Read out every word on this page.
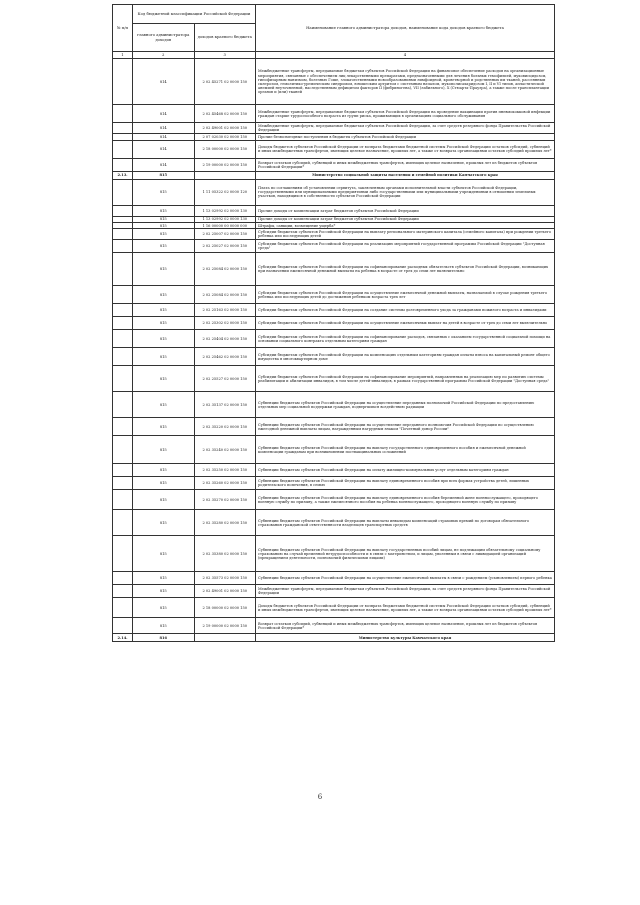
№ п/п	Код бюджетной классификации Российской Федерации		Наименование главного администратора доходов, наименование кода доходов краевого бюджета
	главного администратора доходов	доходов краевого бюджета	
1	2	3	4
	814	2 02 45271 02 0000 150	Межбюджетные трансферты, передаваемые бюджетам субъектов Российской Федерации на финансовое обеспечение расходов на организационные мероприятия, связанные с обеспечением лиц лекарственными препаратами, предназначенными для лечения больных гемофилией, муковисцидозом, гипофизарным нанизмом, болезнью Гоше, злокачественными новообразованиями лимфоидной, кроветворной и родственных им тканей, рассеянным склерозом, гемолитико-уремическим синдромом, юношеским артритом с системным началом, мукополисахаридозом I, II и VI типов, апластической анемией неуточненной, наследственным дефицитом факторов II (фибриногена), VII (лабильного), X (Стюарта-Прауэра), а также после трансплантации органов и (или) тканей
	814	2 02 45468 02 0000 150	Межбюджетные трансферты, передаваемые бюджетам субъектов Российской Федерации на проведение вакцинации против пневмококковой инфекции граждан старше трудоспособного возраста из групп риска, проживающих в организациях социального обслуживания
	814	2 02 49001 02 0000 150	Межбюджетные трансферты, передаваемые бюджетам субъектов Российской Федерации, за счет средств резервного фонда Правительства Российской Федерации
	814	2 07 02030 02 0000 150	Прочие безвозмездные поступления в бюджеты субъектов Российской Федерации
	814	2 18 00000 02 0000 150	Доходы бюджетов субъектов Российской Федерации от возврата бюджетами бюджетной системы Российской Федерации остатков субсидий, субвенций и иных межбюджетных трансфертов, имеющих целевое назначение, прошлых лет, а также от возврата организациями остатков субсидий прошлых лет*
	814	2 19 00000 02 0000 150	Возврат остатков субсидий, субвенций и иных межбюджетных трансфертов, имеющих целевое назначение, прошлых лет из бюджетов субъектов Российской Федерации*
2.13.	815		Министерство социальной защиты населения и семейной политики Камчатского края
	815	1 11 05322 02 0000 120	Плата по соглашениям об установлении сервитута, заключенным органами исполнительной власти субъектов Российской Федерации, государственными или муниципальными предприятиями либо государственными или муниципальными учреждениями в отношении земельных участков, находящихся в собственности субъектов Российской Федерации
	815	1 13 02992 02 0000 130	Прочие доходы от компенсации затрат бюджетов субъектов Российской Федерации
	815	1 13 02992 02 0000 130	Прочие доходы от компенсации затрат бюджетов субъектов Российской Федерации
	815	1 16 00000 00 0000 000	Штрафы, санкции, возмещение ущерба*
	815	2 02 25007 02 0000 150	Субсидии бюджетам субъектов Российской Федерации на выплату регионального материнского капитала (семейного капитала) при рождении третьего ребенка или последующих детей
	815	2 02 25027 02 0000 150	Субсидии бюджетам субъектов Российской Федерации на реализацию мероприятий государственной программы Российской Федерации "Доступная среда"
	815	2 02 25084 02 0000 150	Субсидии бюджетам субъектов Российской Федерации на софинансирование расходных обязательств субъектов Российской Федерации, возникающих при назначении ежемесячной денежной выплаты на ребенка в возрасте от трех до семи лет включительно
	815	2 02 25084 02 0000 150	Субсидии бюджетам субъектов Российской Федерации на осуществление ежемесячной денежной выплаты, назначаемой в случае рождения третьего ребенка или последующих детей до достижения ребенком возраста трех лет
	815	2 02 25163 02 0000 150	Субсидии бюджетам субъектов Российской Федерации на создание системы долговременного ухода за гражданами пожилого возраста и инвалидами
	815	2 02 25302 02 0000 150	Субсидии бюджетам субъектов Российской Федерации на осуществление ежемесячных выплат на детей в возрасте от трех до семи лет включительно
	815	2 02 25404 02 0000 150	Субсидии бюджетам субъектов Российской Федерации на софинансирование расходов, связанных с оказанием государственной социальной помощи на основании социального контракта отдельным категориям граждан
	815	2 02 25462 02 0000 150	Субсидии бюджетам субъектов Российской Федерации на компенсацию отдельным категориям граждан оплаты взноса на капитальный ремонт общего имущества в многоквартирном доме
	815	2 02 25527 02 0000 150	Субсидии бюджетам субъектов Российской Федерации на софинансирование мероприятий, направленных на реализацию мер по развитию системы реабилитации и абилитации инвалидов, в том числе детей-инвалидов, в рамках государственной программы Российской Федерации "Доступная среда"
	815	2 02 35137 02 0000 150	Субвенции бюджетам субъектов Российской Федерации на осуществление переданных полномочий Российской Федерации по предоставлению отдельных мер социальной поддержки граждан, подвергшихся воздействию радиации
	815	2 02 35220 02 0000 150	Субвенции бюджетам субъектов Российской Федерации на осуществление переданного полномочия Российской Федерации по осуществлению ежегодной денежной выплаты лицам, награжденным нагрудным знаком "Почетный донор России"
	815	2 02 35240 02 0000 150	Субвенции бюджетам субъектов Российской Федерации на выплату государственного единовременного пособия и ежемесячной денежной компенсации гражданам при возникновении поствакцинальных осложнений
	815	2 02 35250 02 0000 150	Субвенции бюджетам субъектов Российской Федерации на оплату жилищно-коммунальных услуг отдельным категориям граждан
	815	2 02 35260 02 0000 150	Субвенции бюджетам субъектов Российской Федерации на выплату единовременного пособия при всех формах устройства детей, лишенных родительского попечения, в семью
	815	2 02 35270 02 0000 150	Субвенции бюджетам субъектов Российской Федерации на выплату единовременного пособия беременной жене военнослужащего, проходящего военную службу по призыву, а также ежемесячного пособия на ребенка военнослужащего, проходящего военную службу по призыву
	815	2 02 35280 02 0000 150	Субвенции бюджетам субъектов Российской Федерации на выплаты инвалидам компенсаций страховых премий по договорам обязательного страхования гражданской ответственности владельцев транспортных средств
	815	2 02 35380 02 0000 150	Субвенции бюджетам субъектов Российской Федерации на выплату государственных пособий лицам, не подлежащим обязательному социальному страхованию на случай временной нетрудоспособности и в связи с материнством, и лицам, уволенным в связи с ликвидацией организаций (прекращением деятельности, полномочий физическими лицами)
	815	2 02 35573 02 0000 150	Субвенции бюджетам субъектов Российской Федерации на осуществление ежемесячной выплаты в связи с рождением (усыновлением) первого ребенка
	815	2 02 49001 02 0000 150	Межбюджетные трансферты, передаваемые бюджетам субъектов Российской Федерации, за счет средств резервного фонда Правительства Российской Федерации
	815	2 18 00000 02 0000 150	Доходы бюджетов субъектов Российской Федерации от возврата бюджетами бюджетной системы Российской Федерации остатков субсидий, субвенций и иных межбюджетных трансфертов, имеющих целевое назначение, прошлых лет, а также от возврата организациями остатков субсидий прошлых лет*
	815	2 19 00000 02 0000 150	Возврат остатков субсидий, субвенций и иных межбюджетных трансфертов, имеющих целевое назначение, прошлых лет из бюджетов субъектов Российской Федерации*
2.14.	816		Министерство культуры Камчатского края
6
